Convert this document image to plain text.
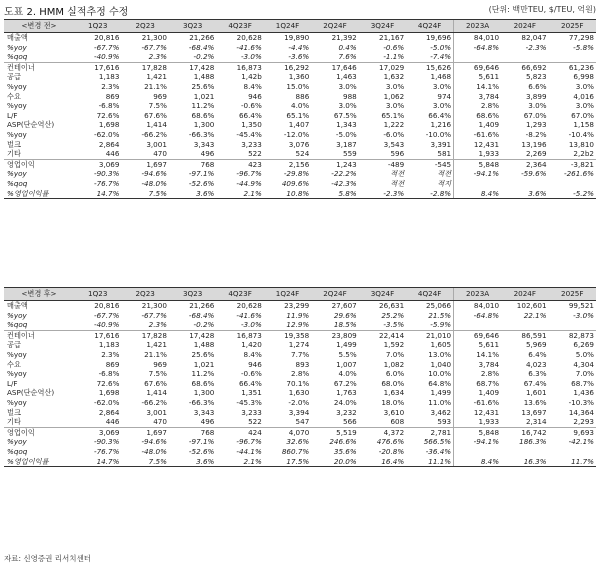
도표 2. HMM 실적추정 수정	(단위: 백만TEU, $/TEU, 억원)
<변경 전>	1Q23	2Q23	3Q23	4Q23F	1Q24F	2Q24F	3Q24F	4Q24F	2023A	2024F	2025F
매출액	20,816	21,300	21,266	20,628	19,890	21,392	21,167	19,696	84,010	82,047	77,298
%yoy	-67.7%	-67.7%	-68.4%	-41.6%	-4.4%	0.4%	-0.6%	-5.0%	-64.8%	-2.3%	-5.8%
%qoq	-40.9%	2.3%	-0.2%	-3.0%	-3.6%	7.6%	-1.1%	-7.4%			
컨테이너	17,616	17,828	17,428	16,873	16,292	17,646	17,029	15,626	69,646	66,692	61,236
공급	1,183	1,421	1,488	1,42b	1,360	1,463	1,632	1,468	5,611	5,823	6,998
%yoy	2.3%	21.1%	25.6%	8.4%	15.0%	3.0%	3.0%	3.0%	14.1%	6.6%	3.0%
수요	869	969	1,021	946	886	988	1,062	974	3,784	3,899	4,016
%yoy	-6.8%	7.5%	11.2%	-0.6%	4.0%	3.0%	3.0%	3.0%	2.8%	3.0%	3.0%
L/F	72.6%	67.6%	68.6%	66.4%	65.1%	67.5%	65.1%	66.4%	68.6%	67.0%	67.0%
ASP(단순역산)	1,698	1,414	1,300	1,350	1,407	1,343	1,222	1,216	1,409	1,293	1,158
%yoy	-62.0%	-66.2%	-66.3%	-45.4%	-12.0%	-5.0%	-6.0%	-10.0%	-61.6%	-8.2%	-10.4%
벌크	2,864	3,001	3,343	3,233	3,076	3,187	3,543	3,391	12,431	13,196	13,810
기타	446	470	496	522	524	559	596	581	1,933	2,269	2,2b2
영업이익	3,069	1,697	768	423	2,156	1,243	-489	-545	5,848	2,364	-3,821
%yoy	-90.3%	-94.6%	-97.1%	-96.7%	-29.8%	-22.2%	적전	적전	-94.1%	-59.6%	-261.6%
%qoq	-76.7%	-48.0%	-52.6%	-44.9%	409.6%	-42.3%	적전	적지			
%영업이익률	14.7%	7.5%	3.6%	2.1%	10.8%	5.8%	-2.3%	-2.8%	8.4%	3.6%	-5.2%
<변경 후>	1Q23	2Q23	3Q23	4Q23F	1Q24F	2Q24F	3Q24F	4Q24F	2023A	2024F	2025F
매출액	20,816	21,300	21,266	20,628	23,299	27,607	26,631	25,066	84,010	102,601	99,521
%yoy	-67.7%	-67.7%	-68.4%	-41.6%	11.9%	29.6%	25.2%	21.5%	-64.8%	22.1%	-3.0%
%qoq	-40.9%	2.3%	-0.2%	-3.0%	12.9%	18.5%	-3.5%	-5.9%			
컨테이너	17,616	17,828	17,428	16,873	19,358	23,809	22,414	21,010	69,646	86,591	82,873
공급	1,183	1,421	1,488	1,420	1,274	1,499	1,592	1,605	5,611	5,969	6,269
%yoy	2.3%	21.1%	25.6%	8.4%	7.7%	5.5%	7.0%	13.0%	14.1%	6.4%	5.0%
수요	869	969	1,021	946	893	1,007	1,082	1,040	3,784	4,023	4,304
%yoy	-6.8%	7.5%	11.2%	-0.6%	2.8%	4.0%	6.0%	10.0%	2.8%	6.3%	7.0%
L/F	72.6%	67.6%	68.6%	66.4%	70.1%	67.2%	68.0%	64.8%	68.7%	67.4%	68.7%
ASP(단순역산)	1,698	1,414	1,300	1,351	1,630	1,763	1,634	1,499	1,409	1,601	1,436
%yoy	-62.0%	-66.2%	-66.3%	-45.3%	-2.0%	24.0%	18.0%	11.0%	-61.6%	13.6%	-10.3%
벌크	2,864	3,001	3,343	3,233	3,394	3,232	3,610	3,462	12,431	13,697	14,364
기타	446	470	496	522	547	566	608	593	1,933	2,314	2,293
영업이익	3,069	1,697	768	424	4,070	5,519	4,372	2,781	5,848	16,742	9,693
%yoy	-90.3%	-94.6%	-97.1%	-96.7%	32.6%	246.6%	476.6%	566.5%	-94.1%	186.3%	-42.1%
%qoq	-76.7%	-48.0%	-52.6%	-44.1%	860.7%	35.6%	-20.8%	-36.4%			
%영업이익률	14.7%	7.5%	3.6%	2.1%	17.5%	20.0%	16.4%	11.1%	8.4%	16.3%	11.7%
자료: 신영증권 리서치센터
